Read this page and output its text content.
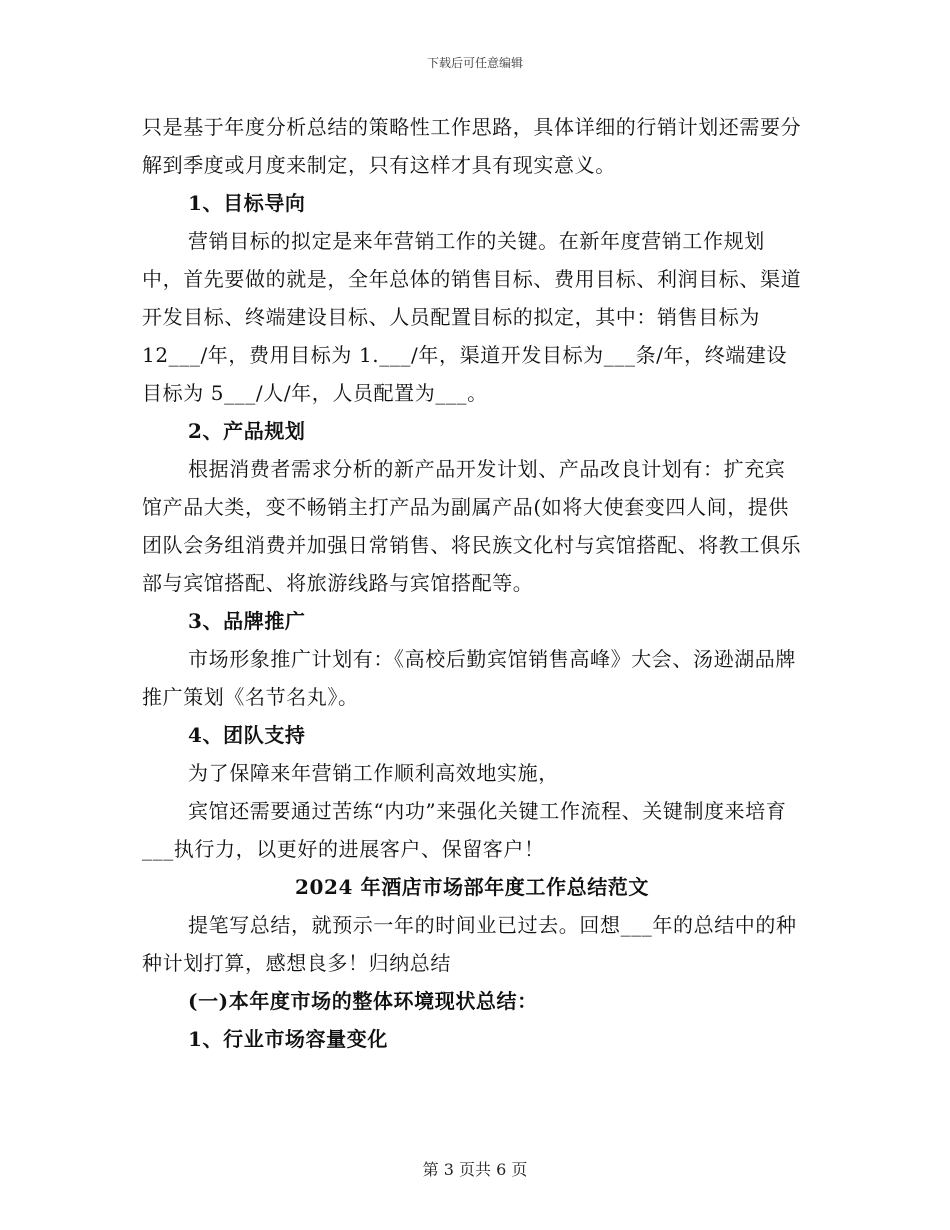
下载后可任意编辑

只是基于年度分析总结的策略性工作思路，具体详细的行销计划还需要分解到季度或月度来制定，只有这样才具有现实意义。

1、目标导向

营销目标的拟定是来年营销工作的关键。在新年度营销工作规划中，首先要做的就是，全年总体的销售目标、费用目标、利润目标、渠道开发目标、终端建设目标、人员配置目标的拟定，其中：销售目标为 12___/年，费用目标为 1.___/年，渠道开发目标为___条/年，终端建设目标为 5___/人/年，人员配置为___。

2、产品规划

根据消费者需求分析的新产品开发计划、产品改良计划有：扩充宾馆产品大类，变不畅销主打产品为副属产品(如将大使套变四人间，提供团队会务组消费并加强日常销售、将民族文化村与宾馆搭配、将教工俱乐部与宾馆搭配、将旅游线路与宾馆搭配等。

3、品牌推广

市场形象推广计划有：《高校后勤宾馆销售高峰》大会、汤逊湖品牌推广策划《名节名丸》。

4、团队支持

为了保障来年营销工作顺利高效地实施，

宾馆还需要通过苦练“内功”来强化关键工作流程、关键制度来培育___执行力，以更好的进展客户、保留客户！

2024 年酒店市场部年度工作总结范文

提笔写总结，就预示一年的时间业已过去。回想___年的总结中的种种计划打算，感想良多！归纳总结

(一)本年度市场的整体环境现状总结：

1、行业市场容量变化

第 3 页共 6 页
